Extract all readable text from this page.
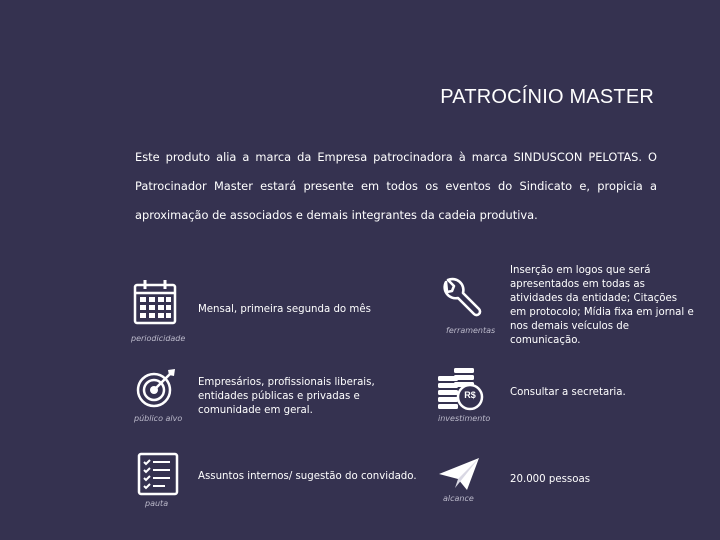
PATROCÍNIO MASTER
Este produto alia a marca da Empresa patrocinadora à marca SINDUSCON PELOTAS. O Patrocinador Master estará presente em todos os eventos do Sindicato e, propicia a aproximação de associados e demais integrantes da cadeia produtiva.
periodicidade
Mensal, primeira segunda do mês
público alvo
Empresários, profissionais liberais, entidades públicas e privadas e comunidade em geral.
pauta
Assuntos internos/ sugestão do convidado.
ferramentas
Inserção em logos que será apresentados em todas as atividades da entidade; Citações em protocolo; Mídia fixa em jornal e nos demais veículos de comunicação.
R$
investimento
Consultar a secretaria.
alcance
20.000 pessoas
